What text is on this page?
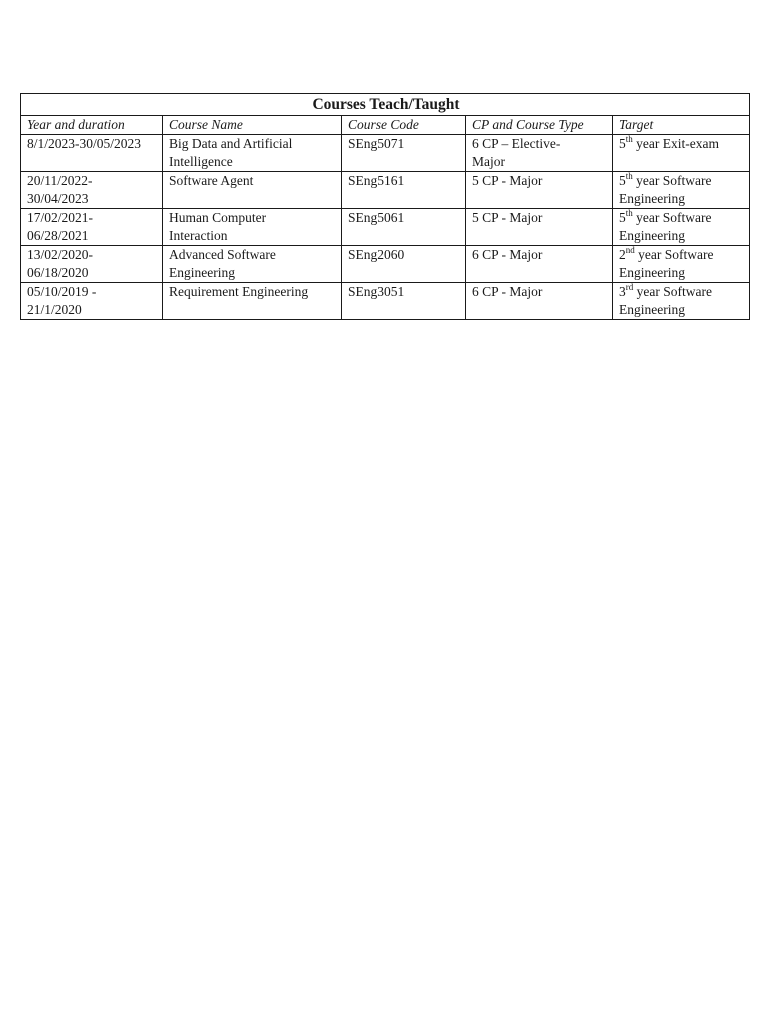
Courses Teach/Taught				
Year and duration	Course Name	Course Code	CP and Course Type	Target

8/1/2023-30/05/2023	Big Data and Artificial
Intelligence	SEng5071	6 CP – Elective-
Major	5th year Exit-exam

20/11/2022-
30/04/2023	Software Agent	SEng5161	5 CP - Major	5th year Software
Engineering

17/02/2021-
06/28/2021	Human Computer
Interaction	SEng5061	5 CP - Major	5th year Software
Engineering

13/02/2020-
06/18/2020	Advanced Software
Engineering	SEng2060	6 CP - Major	2nd year Software
Engineering

05/10/2019 -
21/1/2020	Requirement Engineering	SEng3051	6 CP - Major	3rd year Software
Engineering
